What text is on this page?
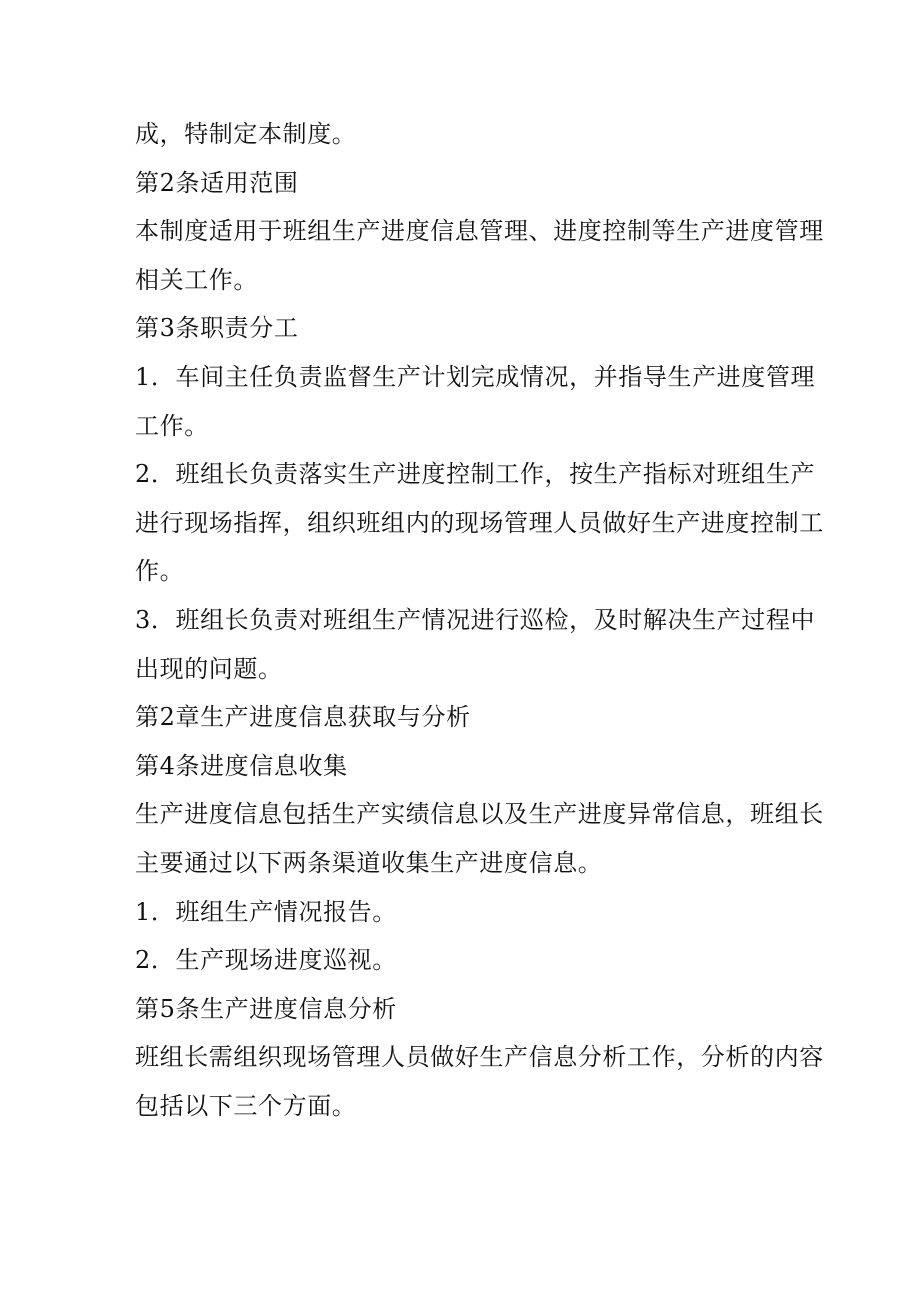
成，特制定本制度。
第2条适用范围
本制度适用于班组生产进度信息管理、进度控制等生产进度管理
相关工作。
第3条职责分工
1．车间主任负责监督生产计划完成情况，并指导生产进度管理
工作。
2．班组长负责落实生产进度控制工作，按生产指标对班组生产
进行现场指挥，组织班组内的现场管理人员做好生产进度控制工
作。
3．班组长负责对班组生产情况进行巡检，及时解决生产过程中
出现的问题。
第2章生产进度信息获取与分析
第4条进度信息收集
生产进度信息包括生产实绩信息以及生产进度异常信息，班组长
主要通过以下两条渠道收集生产进度信息。
1．班组生产情况报告。
2．生产现场进度巡视。
第5条生产进度信息分析
班组长需组织现场管理人员做好生产信息分析工作，分析的内容
包括以下三个方面。
